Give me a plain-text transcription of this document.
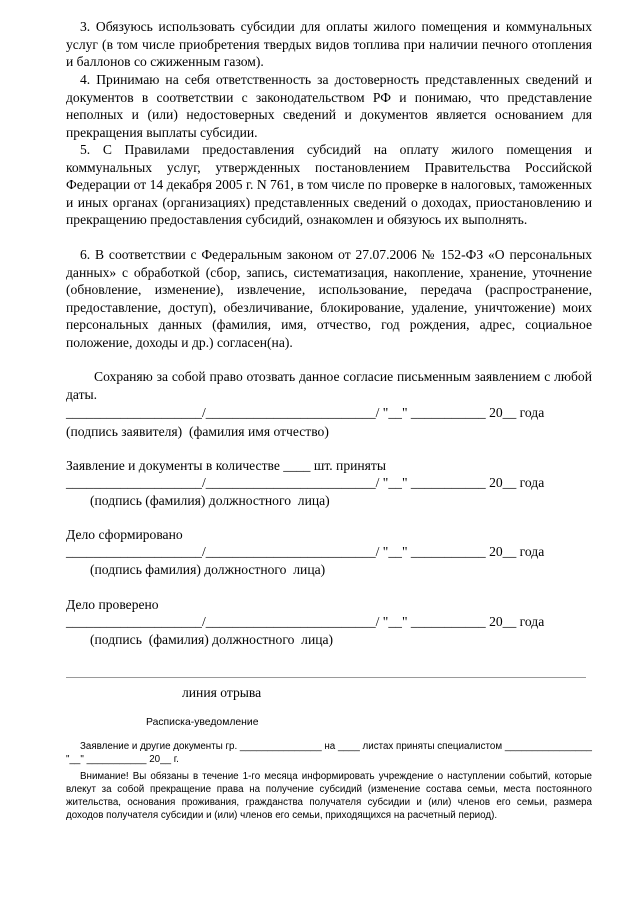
3. Обязуюсь использовать субсидии для оплаты жилого помещения и коммунальных услуг (в том числе приобретения твердых видов топлива при наличии печного отопления и баллонов со сжиженным газом).

4. Принимаю на себя ответственность за достоверность представленных сведений и документов в соответствии с законодательством РФ и понимаю, что представление неполных и (или) недостоверных сведений и документов является основанием для прекращения выплаты субсидии.

5. С Правилами предоставления субсидий на оплату жилого помещения и коммунальных услуг, утвержденных постановлением Правительства Российской Федерации от 14 декабря 2005 г. N 761, в том числе по проверке в налоговых, таможенных и иных органах (организациях) представленных сведений о доходах, приостановлению и прекращению предоставления субсидий, ознакомлен и обязуюсь их выполнять.

6. В соответствии с Федеральным законом от 27.07.2006 № 152-ФЗ «О персональных данных» с обработкой (сбор, запись, систематизация, накопление, хранение, уточнение (обновление, изменение), извлечение, использование, передача (распространение, предоставление, доступ), обезличивание, блокирование, удаление, уничтожение) моих персональных данных (фамилия, имя, отчество, год рождения, адрес, социальное положение, доходы и др.) согласен(на).

Сохраняю за собой право отозвать данное согласие письменным заявлением с любой даты.

____________________/_________________________/ "__" ___________ 20__ года

(подпись заявителя)  (фамилия имя отчество)

Заявление и документы в количестве ____ шт. приняты

____________________/_________________________/ "__" ___________ 20__ года

(подпись (фамилия) должностного  лица)

Дело сформировано

____________________/_________________________/ "__" ___________ 20__ года

(подпись фамилия) должностного  лица)

Дело проверено

____________________/_________________________/ "__" ___________ 20__ года

(подпись  (фамилия) должностного  лица)

линия отрыва

Расписка-уведомление

Заявление и другие документы гр. _______________ на ____ листах приняты специалистом ________________ "__" ___________ 20__ г.

Внимание! Вы обязаны в течение 1-го месяца информировать учреждение о наступлении событий, которые влекут за собой прекращение права на получение субсидий (изменение состава семьи, места постоянного жительства, основания проживания, гражданства получателя субсидии и (или) членов его семьи, размера доходов получателя субсидии и (или) членов его семьи, приходящихся на расчетный период).
